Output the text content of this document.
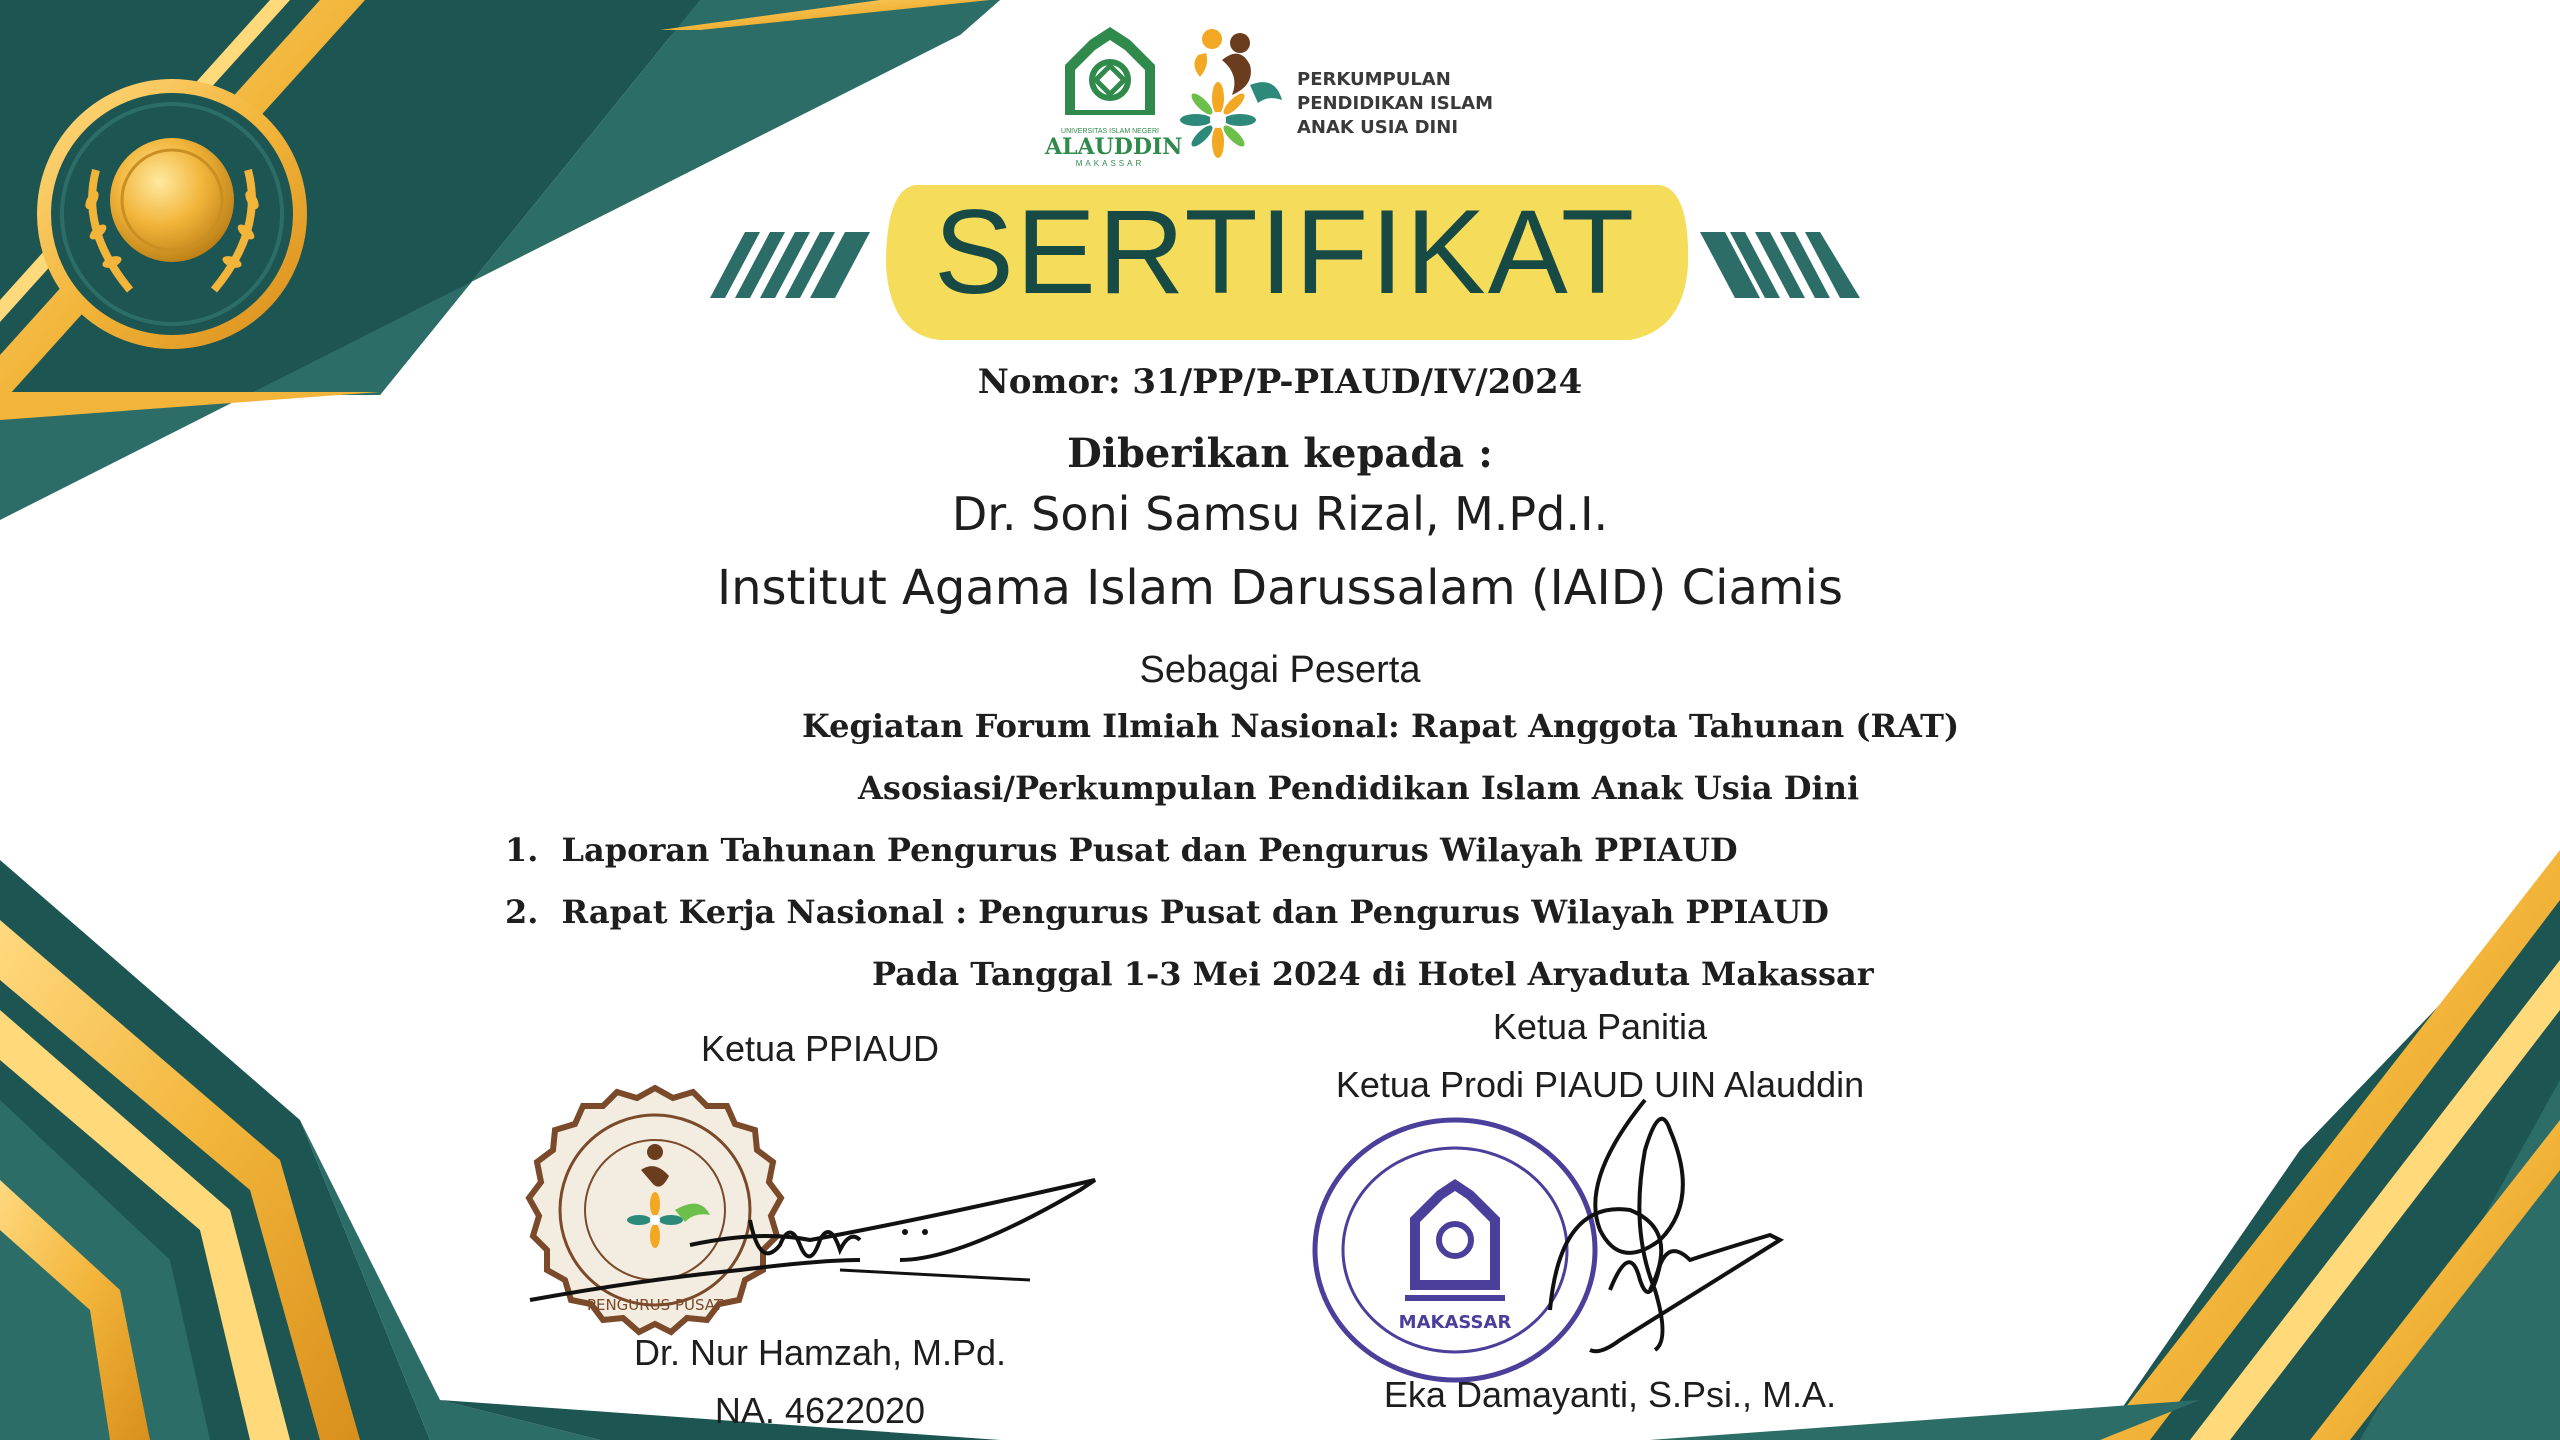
UNIVERSITAS ISLAM NEGERI
ALAUDDIN
MAKASSAR
PERKUMPULAN
PENDIDIKAN ISLAM
ANAK USIA DINI
SERTIFIKAT
Nomor: 31/PP/P-PIAUD/IV/2024
Diberikan kepada :
Dr. Soni Samsu Rizal, M.Pd.I.
Institut Agama Islam Darussalam (IAID) Ciamis
Sebagai Peserta
Kegiatan Forum Ilmiah Nasional: Rapat Anggota Tahunan (RAT)
Asosiasi/Perkumpulan Pendidikan Islam Anak Usia Dini
1. Laporan Tahunan Pengurus Pusat dan Pengurus Wilayah PPIAUD
2. Rapat Kerja Nasional : Pengurus Pusat dan Pengurus Wilayah PPIAUD
Pada Tanggal 1-3 Mei 2024 di Hotel Aryaduta Makassar
Ketua PPIAUD
PENGURUS PUSAT
Dr. Nur Hamzah, M.Pd.
NA. 4622020
Ketua Panitia
Ketua Prodi PIAUD UIN Alauddin
MAKASSAR
Eka Damayanti, S.Psi., M.A.
